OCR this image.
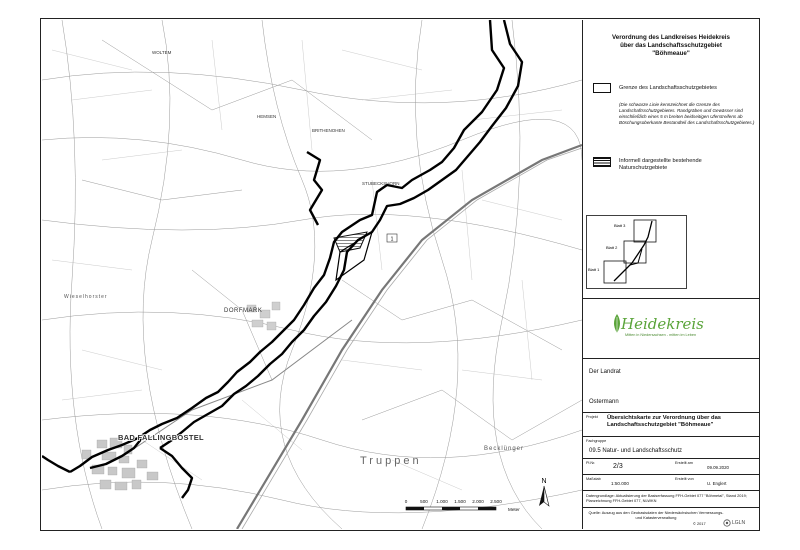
1
WOLTEM
HEMSEN
BRITHENOHEN
STUBECKSHORN
DORFMARK
BAD FALLINGBOSTEL
Truppen
Becklünger
Wieselhorster
0	500 1.000 1.500 2.000 2.500
Meter
N
Verordnung des Landkreises Heidekreis
über das Landschaftsschutzgebiet
"Böhmeaue"
Grenze des Landschaftsschutzgebietes
(Die schwarze Linie kennzeichnet die Grenze des Landschaftsschutzgebietes. Randgräben und Gewässer sind einschließlich eines 5 m breiten beidseitigen Uferstreifens ab Böschungsoberkante Bestandteil des Landschaftsschutzgebietes.)
Informell dargestellte bestehende Naturschutzgebiete
Blatt 3
Blatt 2
Blatt 1
Heidekreis
Mitten in Niedersachsen - mitten im Leben
Der Landrat
Ostermann
Projekt Übersichtskarte zur Verordnung über das Landschaftsschutzgebiet "Böhmeaue"
Fachgruppe
09.5 Natur- und Landschaftsschutz
Pl.Nr.	2/3	Erstellt am
09.09.2020
Maßstab
1:50.000
Erstellt von
U. Englert
Datengrundlage: Aktualisierung der Basiserfassung FFH-Gebiet 077 "Böhmetal", Stand 2019; Planzeichnung FFH-Gebiet 077, NLWKN
Quelle: Auszug aus den Geobasisdaten der Niedersächsischen Vermessungs- und Katasterverwaltung
© 2017	LGLN
